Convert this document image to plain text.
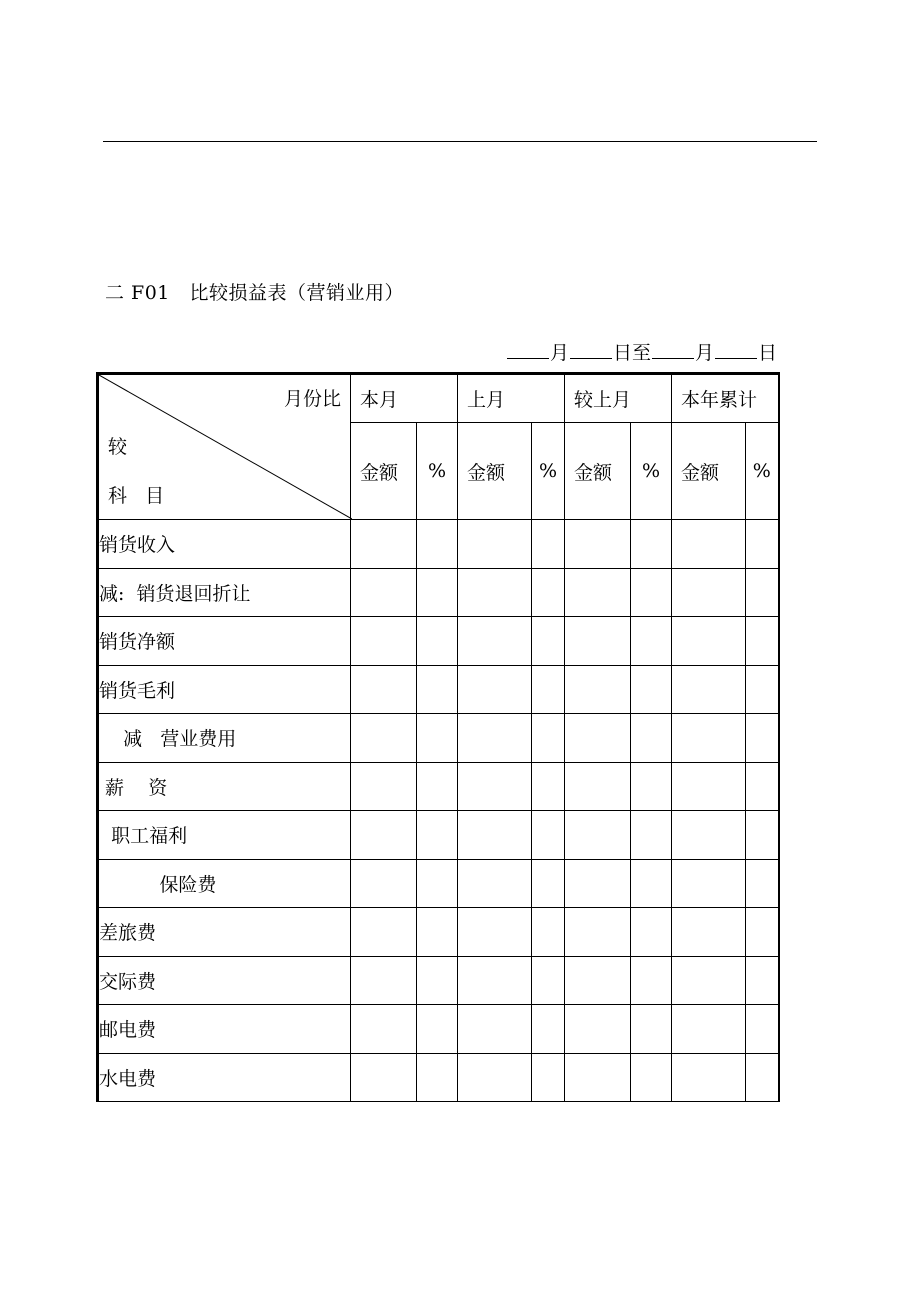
二 F01   比较损益表（营销业用）
月 日至 月 日
月份比
较
科   目	本月		上月		较上月		本年累计	
	金额	%	金额	%	金额	%	金额	%
销货收入								
减:  销货退回折让								
销货净额								
销货毛利								
减   营业费用								
薪    资								
职工福利								
保险费								
差旅费								
交际费								
邮电费								
水电费								
